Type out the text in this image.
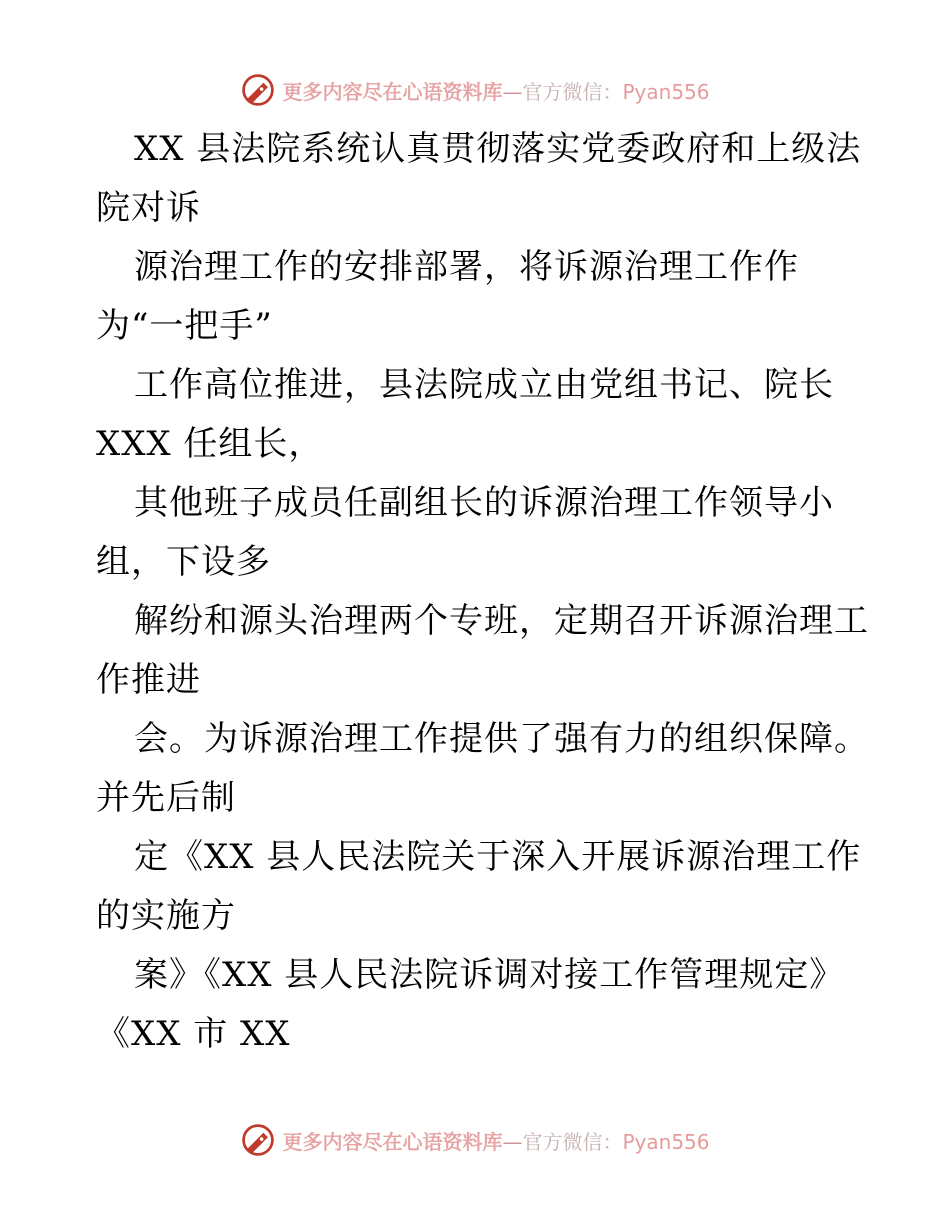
更多内容尽在心语资料库—官方微信：Pyan556
XX 县法院系统认真贯彻落实党委政府和上级法
院对诉
源治理工作的安排部署，将诉源治理工作作
为“一把手”
工作高位推进，县法院成立由党组书记、院长
XXX 任组长，
其他班子成员任副组长的诉源治理工作领导小
组，下设多
解纷和源头治理两个专班，定期召开诉源治理工
作推进
会。为诉源治理工作提供了强有力的组织保障。
并先后制
定《XX 县人民法院关于深入开展诉源治理工作
的实施方
案》《XX 县人民法院诉调对接工作管理规定》
《XX 市 XX
更多内容尽在心语资料库—官方微信：Pyan556
